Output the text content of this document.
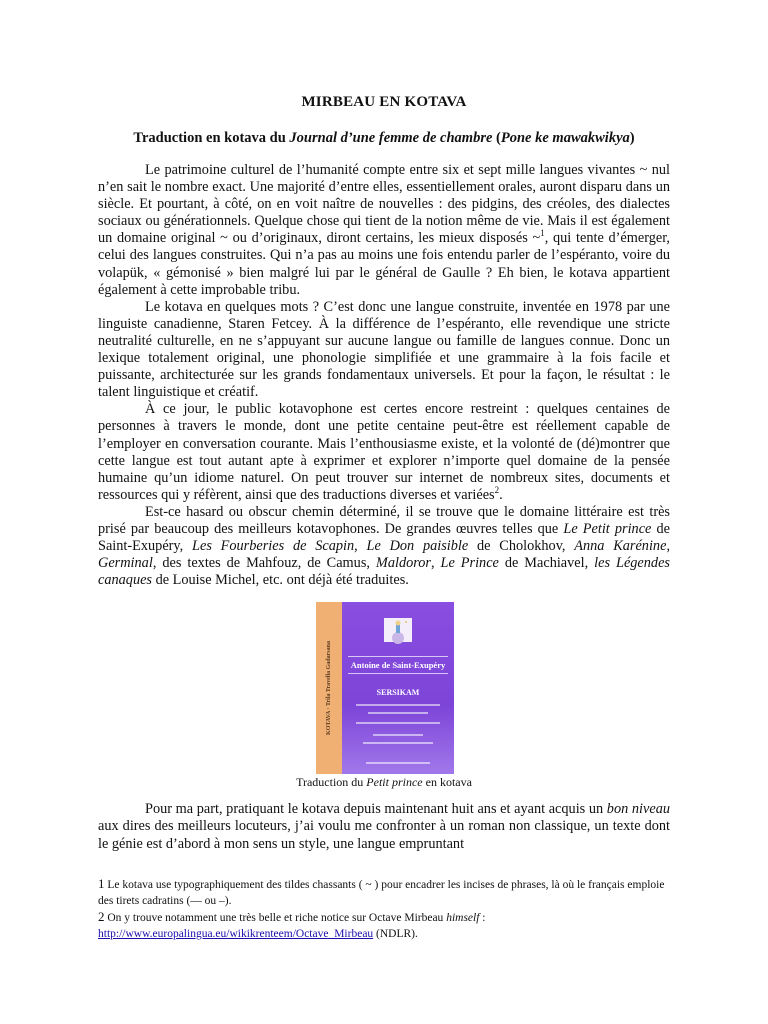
MIRBEAU EN KOTAVA
Traduction en kotava du Journal d’une femme de chambre (Pone ke mawakwikya)

Le patrimoine culturel de l’humanité compte entre six et sept mille langues vivantes ~ nul n’en sait le nombre exact. Une majorité d’entre elles, essentiellement orales, auront disparu dans un siècle. Et pourtant, à côté, on en voit naître de nouvelles : des pidgins, des créoles, des dialectes sociaux ou générationnels. Quelque chose qui tient de la notion même de vie. Mais il est également un domaine original ~ ou d’originaux, diront certains, les mieux disposés ~$^1$, qui tente d’émerger, celui des langues construites. Qui n’a pas au moins une fois entendu parler de l’espéranto, voire du volapük, « gémonisé » bien malgré lui par le général de Gaulle ? Eh bien, le kotava appartient également à cette improbable tribu.

Le kotava en quelques mots ? C’est donc une langue construite, inventée en 1978 par une linguiste canadienne, Staren Fetcey. À la différence de l’espéranto, elle revendique une stricte neutralité culturelle, en ne s’appuyant sur aucune langue ou famille de langues connue. Donc un lexique totalement original, une phonologie simplifiée et une grammaire à la fois facile et puissante, architecturée sur les grands fondamentaux universels. Et pour la façon, le résultat : le talent linguistique et créatif.

À ce jour, le public kotavophone est certes encore restreint : quelques centaines de personnes à travers le monde, dont une petite centaine peut-être est réellement capable de l’employer en conversation courante. Mais l’enthousiasme existe, et la volonté de (dé)montrer que cette langue est tout autant apte à exprimer et explorer n’importe quel domaine de la pensée humaine qu’un idiome naturel. On peut trouver sur internet de nombreux sites, documents et ressources qui y réfèrent, ainsi que des traductions diverses et variées$^2$.

Est-ce hasard ou obscur chemin déterminé, il se trouve que le domaine littéraire est très prisé par beaucoup des meilleurs kotavophones. De grandes œuvres telles que Le Petit prince de Saint-Exupéry, Les Fourberies de Scapin, Le Don paisible de Cholokhov, Anna Karénine, Germinal, des textes de Mahfouz, de Camus, Maldoror, Le Prince de Machiavel, les Légendes canaques de Louise Michel, etc. ont déjà été traduites.

KOTAVA · Trila Travella Gadarsana	Antoine de Saint-Exupéry
SERSIKAM
Traduction du Petit prince en kotava

Pour ma part, pratiquant le kotava depuis maintenant huit ans et ayant acquis un bon niveau aux dires des meilleurs locuteurs, j’ai voulu me confronter à un roman non classique, un texte dont le génie est d’abord à mon sens un style, une langue empruntant

1 Le kotava use typographiquement des tildes chassants ( ~ ) pour encadrer les incises de phrases, là où le français emploie des tirets cadratins (— ou –).

2 On y trouve notamment une très belle et riche notice sur Octave Mirbeau himself :
http://www.europalingua.eu/wikikrenteem/Octave_Mirbeau (NDLR).
